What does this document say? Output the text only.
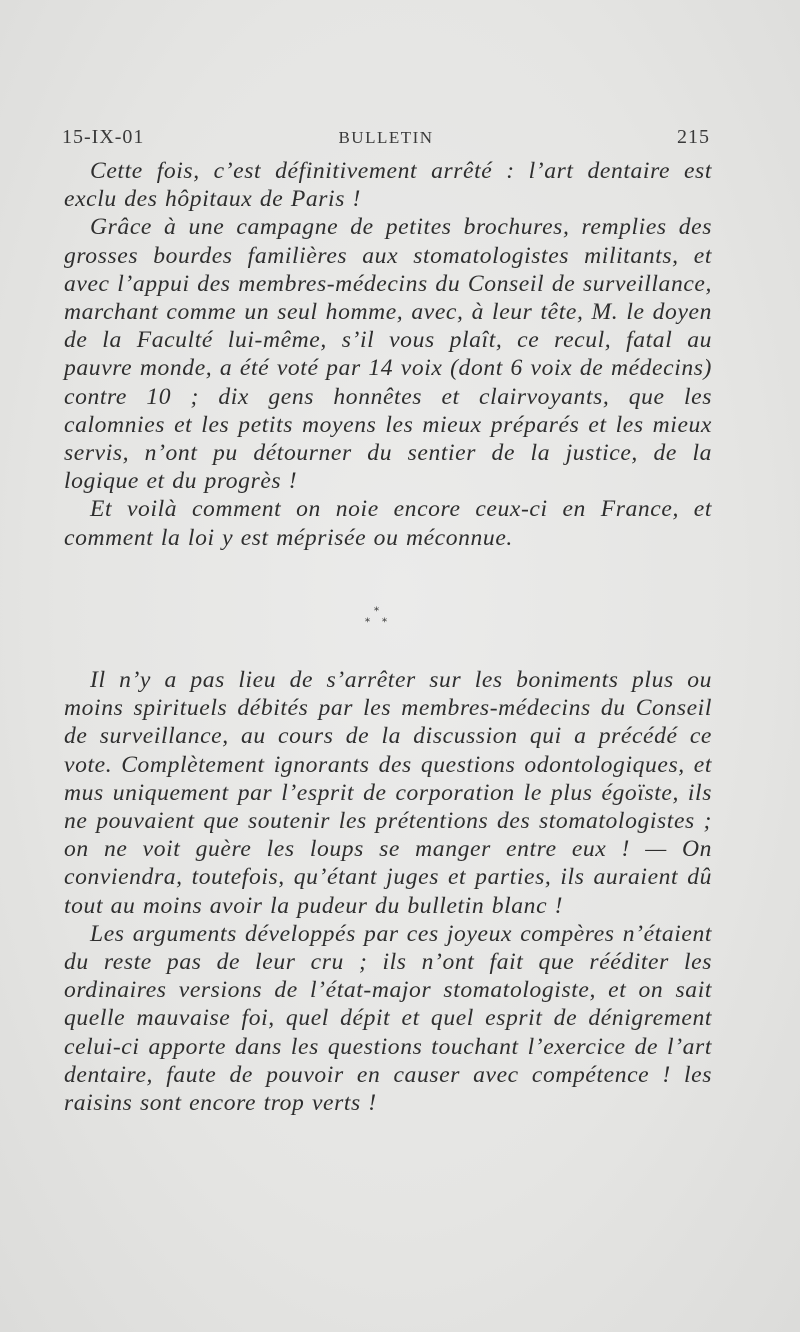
15-IX-01	BULLETIN	215

Cette fois, c’est définitivement arrêté : l’art dentaire est exclu des hôpitaux de Paris !

Grâce à une campagne de petites brochures, remplies des grosses bourdes familières aux stomatologistes militants, et avec l’appui des membres-médecins du Conseil de surveillance, marchant comme un seul homme, avec, à leur tête, M. le doyen de la Faculté lui-même, s’il vous plaît, ce recul, fatal au pauvre monde, a été voté par 14 voix (dont 6 voix de médecins) contre 10 ; dix gens honnêtes et clairvoyants, que les calomnies et les petits moyens les mieux préparés et les mieux servis, n’ont pu détourner du sentier de la justice, de la logique et du progrès !

Et voilà comment on noie encore ceux-ci en France, et comment la loi y est méprisée ou méconnue.

*
* *

Il n’y a pas lieu de s’arrêter sur les boniments plus ou moins spirituels débités par les membres-médecins du Conseil de surveillance, au cours de la discussion qui a précédé ce vote. Complètement ignorants des questions odontologiques, et mus uniquement par l’esprit de corporation le plus égoïste, ils ne pouvaient que soutenir les prétentions des stomatologistes ; on ne voit guère les loups se manger entre eux ! — On conviendra, toutefois, qu’étant juges et parties, ils auraient dû tout au moins avoir la pudeur du bulletin blanc !

Les arguments développés par ces joyeux compères n’étaient du reste pas de leur cru ; ils n’ont fait que rééditer les ordinaires versions de l’état-major stomatologiste, et on sait quelle mauvaise foi, quel dépit et quel esprit de dénigrement celui-ci apporte dans les questions touchant l’exercice de l’art dentaire, faute de pouvoir en causer avec compétence ! les raisins sont encore trop verts !
